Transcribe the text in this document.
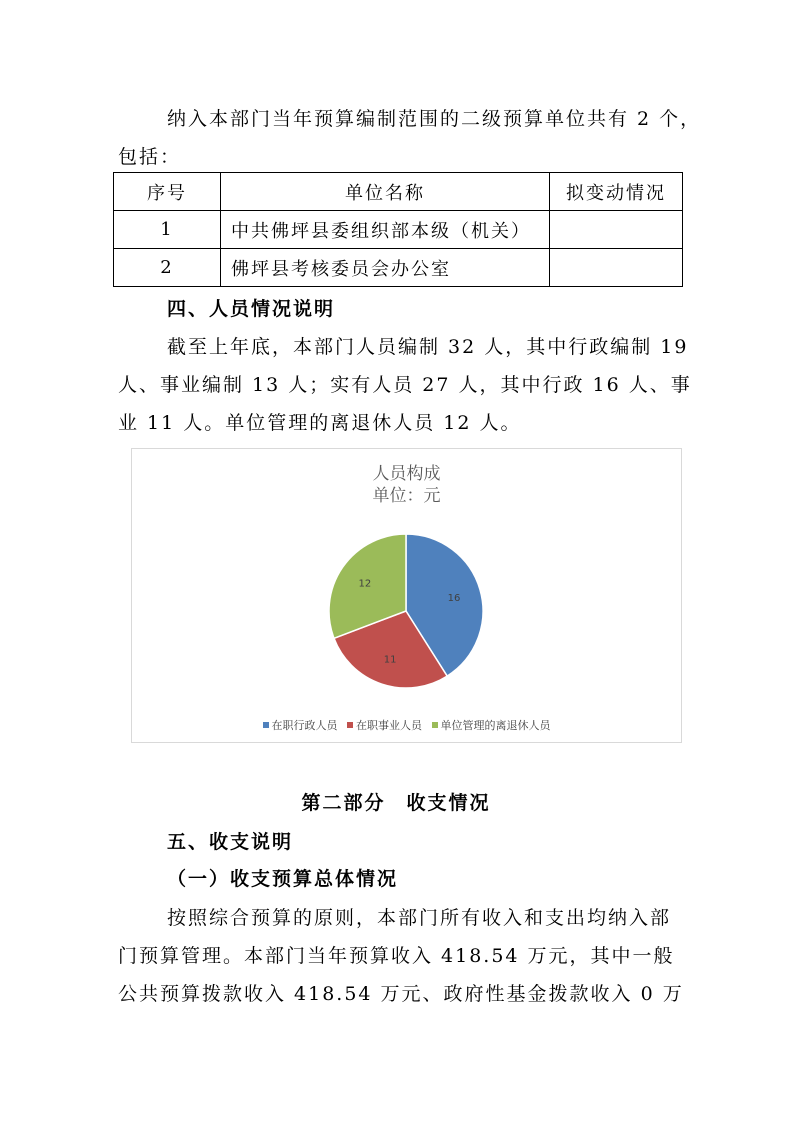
纳入本部门当年预算编制范围的二级预算单位共有 2 个，
包括：
序号	单位名称	拟变动情况
1	中共佛坪县委组织部本级（机关）	
2	佛坪县考核委员会办公室	
四、人员情况说明
截至上年底，本部门人员编制 32 人，其中行政编制 19
人、事业编制 13 人；实有人员 27 人，其中行政 16 人、事
业 11 人。单位管理的离退休人员 12 人。
人员构成
单位：元
16
11
12
在职行政人员 在职事业人员 单位管理的离退休人员
第二部分　收支情况
五、收支说明
（一）收支预算总体情况
按照综合预算的原则，本部门所有收入和支出均纳入部
门预算管理。本部门当年预算收入 418.54 万元，其中一般
公共预算拨款收入 418.54 万元、政府性基金拨款收入 0 万
